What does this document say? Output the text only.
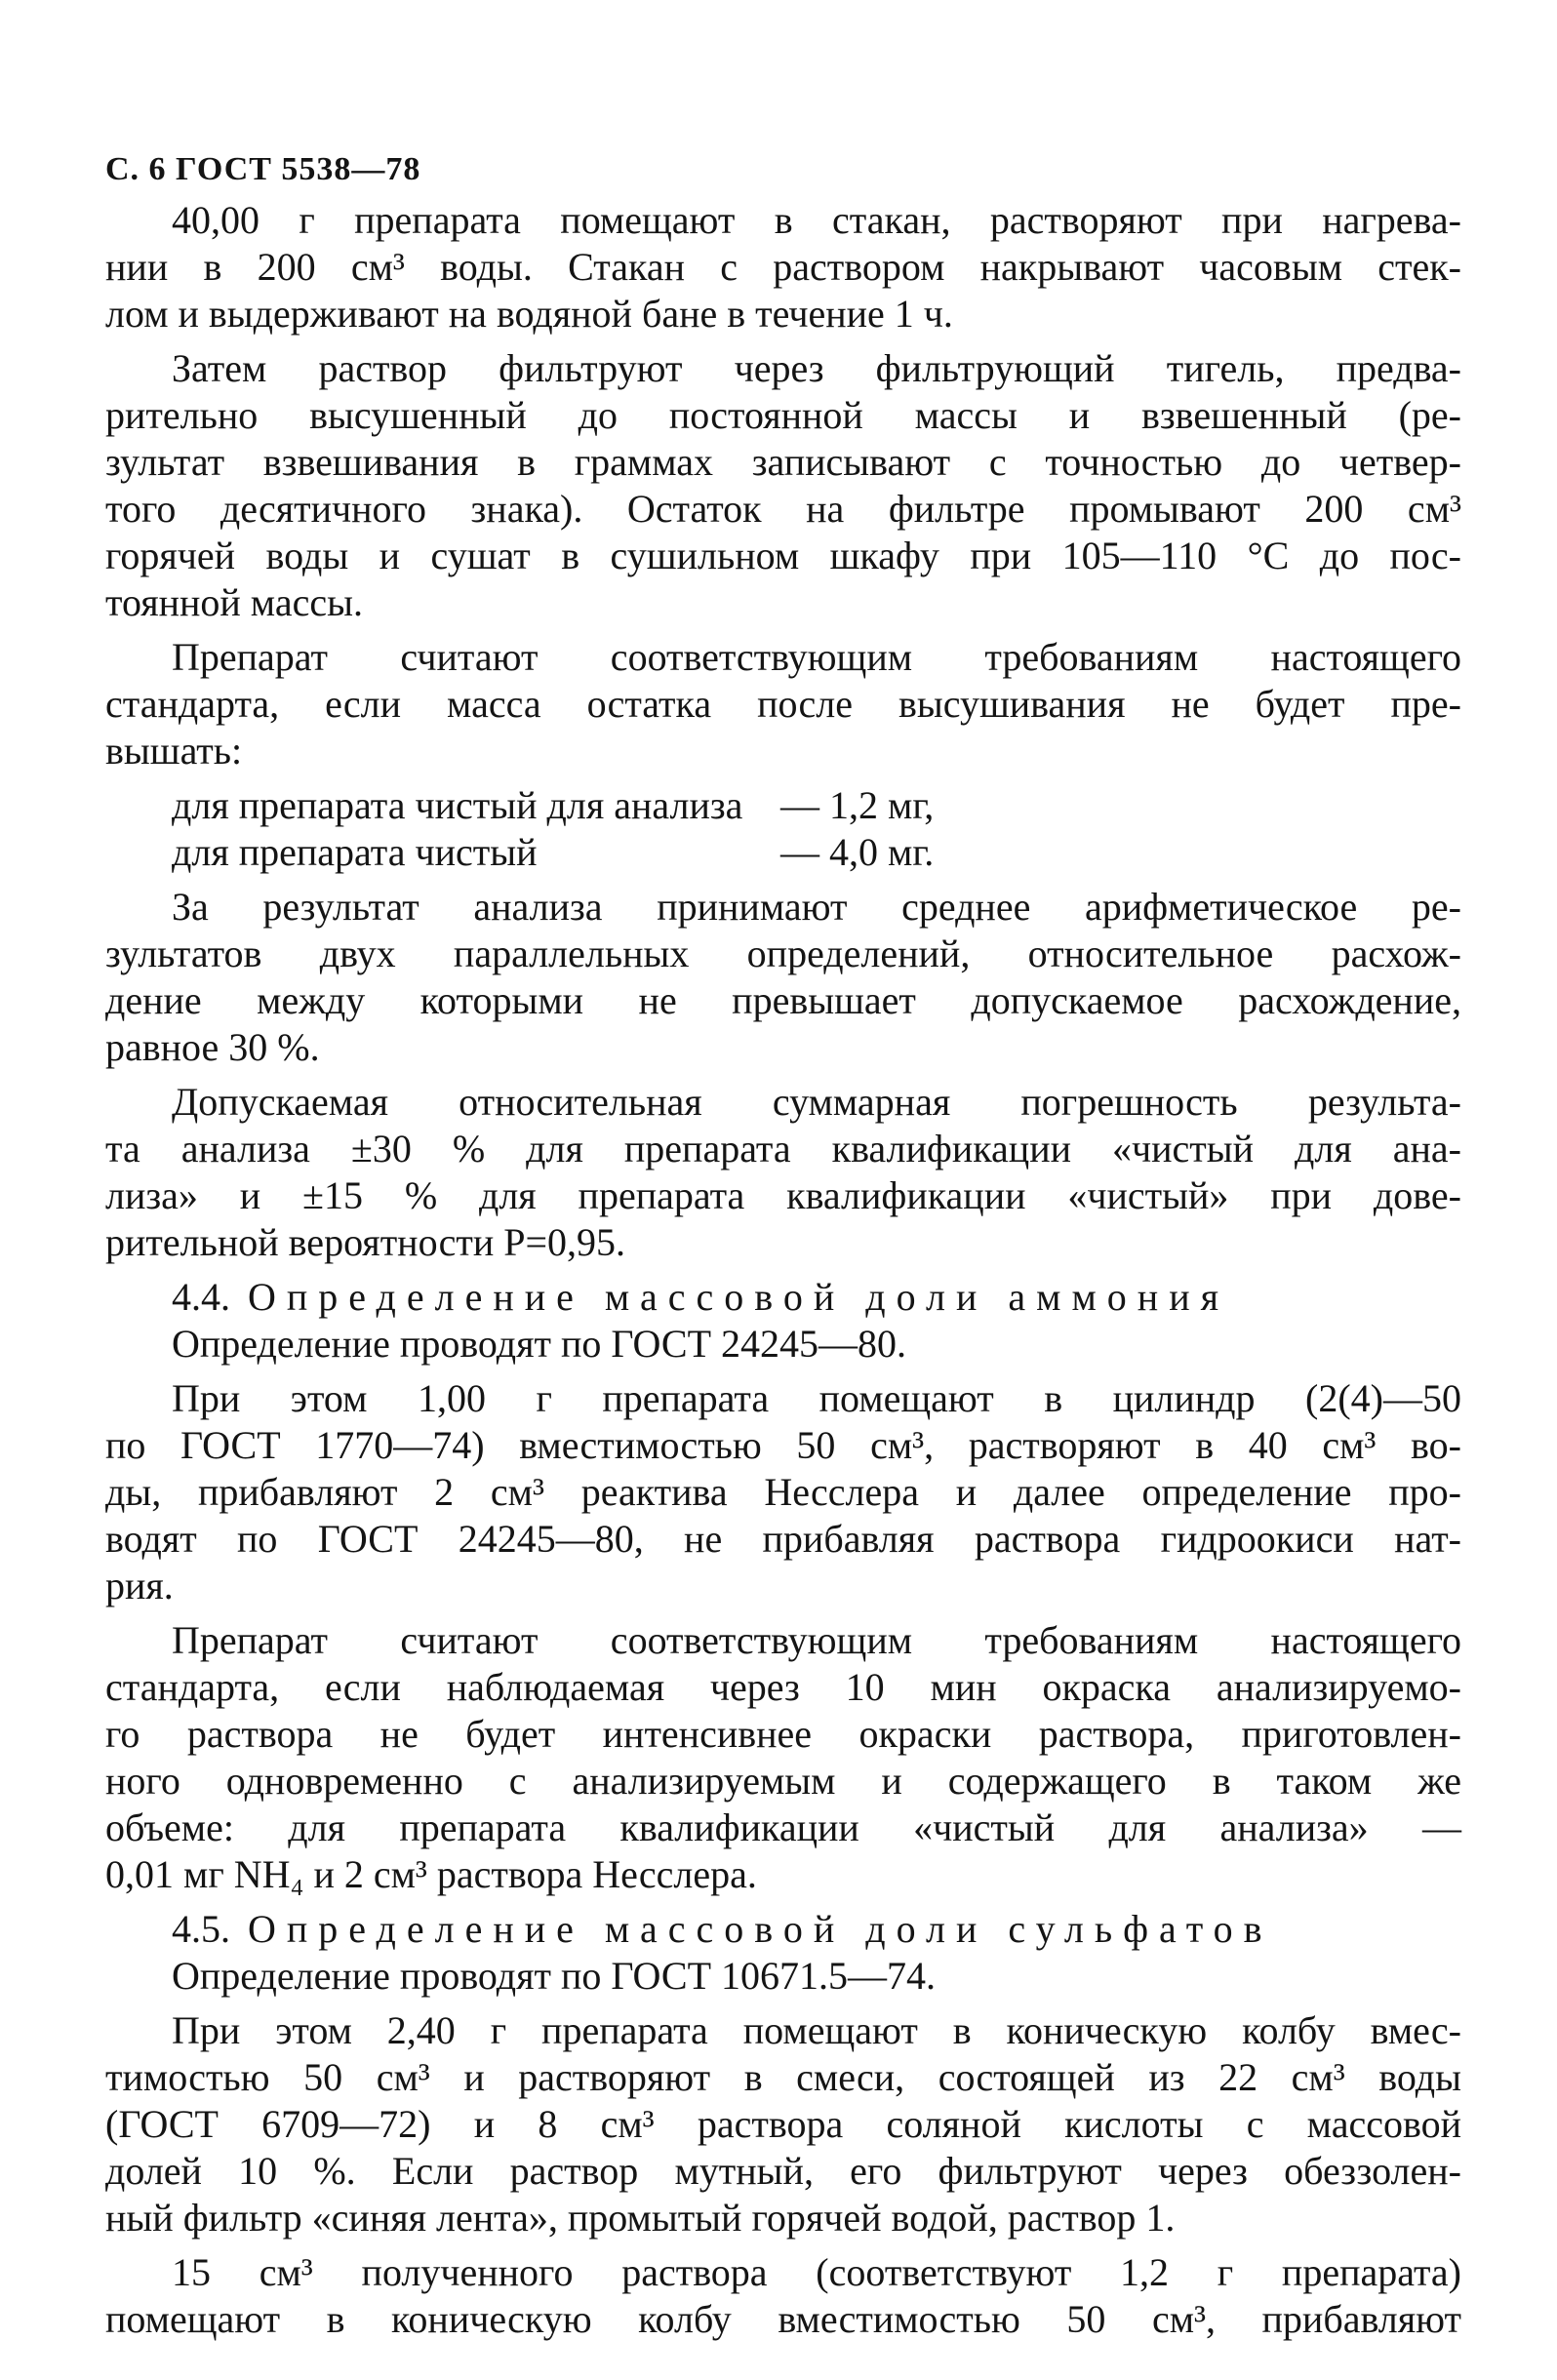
С. 6 ГОСТ 5538—78
40,00 г препарата помещают в стакан, растворяют при нагрева-
нии в 200 см³ воды. Стакан с раствором накрывают часовым стек-
лом и выдерживают на водяной бане в течение 1 ч.
Затем раствор фильтруют через фильтрующий тигель, предва-
рительно высушенный до постоянной массы и взвешенный (ре-
зультат взвешивания в граммах записывают с точностью до четвер-
того десятичного знака). Остаток на фильтре промывают 200 см³
горячей воды и сушат в сушильном шкафу при 105—110 °С до пос-
тоянной массы.
Препарат считают соответствующим требованиям настоящего
стандарта, если масса остатка после высушивания не будет пре-
вышать:
для препарата чистый для анализа — 1,2 мг,
для препарата чистый	— 4,0 мг.
За результат анализа принимают среднее арифметическое ре-
зультатов двух параллельных определений, относительное расхож-
дение между которыми не превышает допускаемое расхождение,
равное 30 %.
Допускаемая относительная суммарная погрешность результа-
та анализа ±30 % для препарата квалификации «чистый для ана-
лиза» и ±15 % для препарата квалификации «чистый» при дове-
рительной вероятности P=0,95.
4.4. Определение массовой доли аммония
Определение проводят по ГОСТ 24245—80.
При этом 1,00 г препарата помещают в цилиндр (2(4)—50
по ГОСТ 1770—74) вместимостью 50 см³, растворяют в 40 см³ во-
ды, прибавляют 2 см³ реактива Несслера и далее определение про-
водят по ГОСТ 24245—80, не прибавляя раствора гидроокиси нат-
рия.
Препарат считают соответствующим требованиям настоящего
стандарта, если наблюдаемая через 10 мин окраска анализируемо-
го раствора не будет интенсивнее окраски раствора, приготовлен-
ного одновременно с анализируемым и содержащего в таком же
объеме: для препарата квалификации «чистый для анализа» —
0,01 мг NH₄ и 2 см³ раствора Несслера.
4.5. Определение массовой доли сульфатов
Определение проводят по ГОСТ 10671.5—74.
При этом 2,40 г препарата помещают в коническую колбу вмес-
тимостью 50 см³ и растворяют в смеси, состоящей из 22 см³ воды
(ГОСТ 6709—72) и 8 см³ раствора соляной кислоты с массовой
долей 10 %. Если раствор мутный, его фильтруют через обеззолен-
ный фильтр «синяя лента», промытый горячей водой, раствор 1.
15 см³ полученного раствора (соответствуют 1,2 г препарата)
помещают в коническую колбу вместимостью 50 см³, прибавляют
